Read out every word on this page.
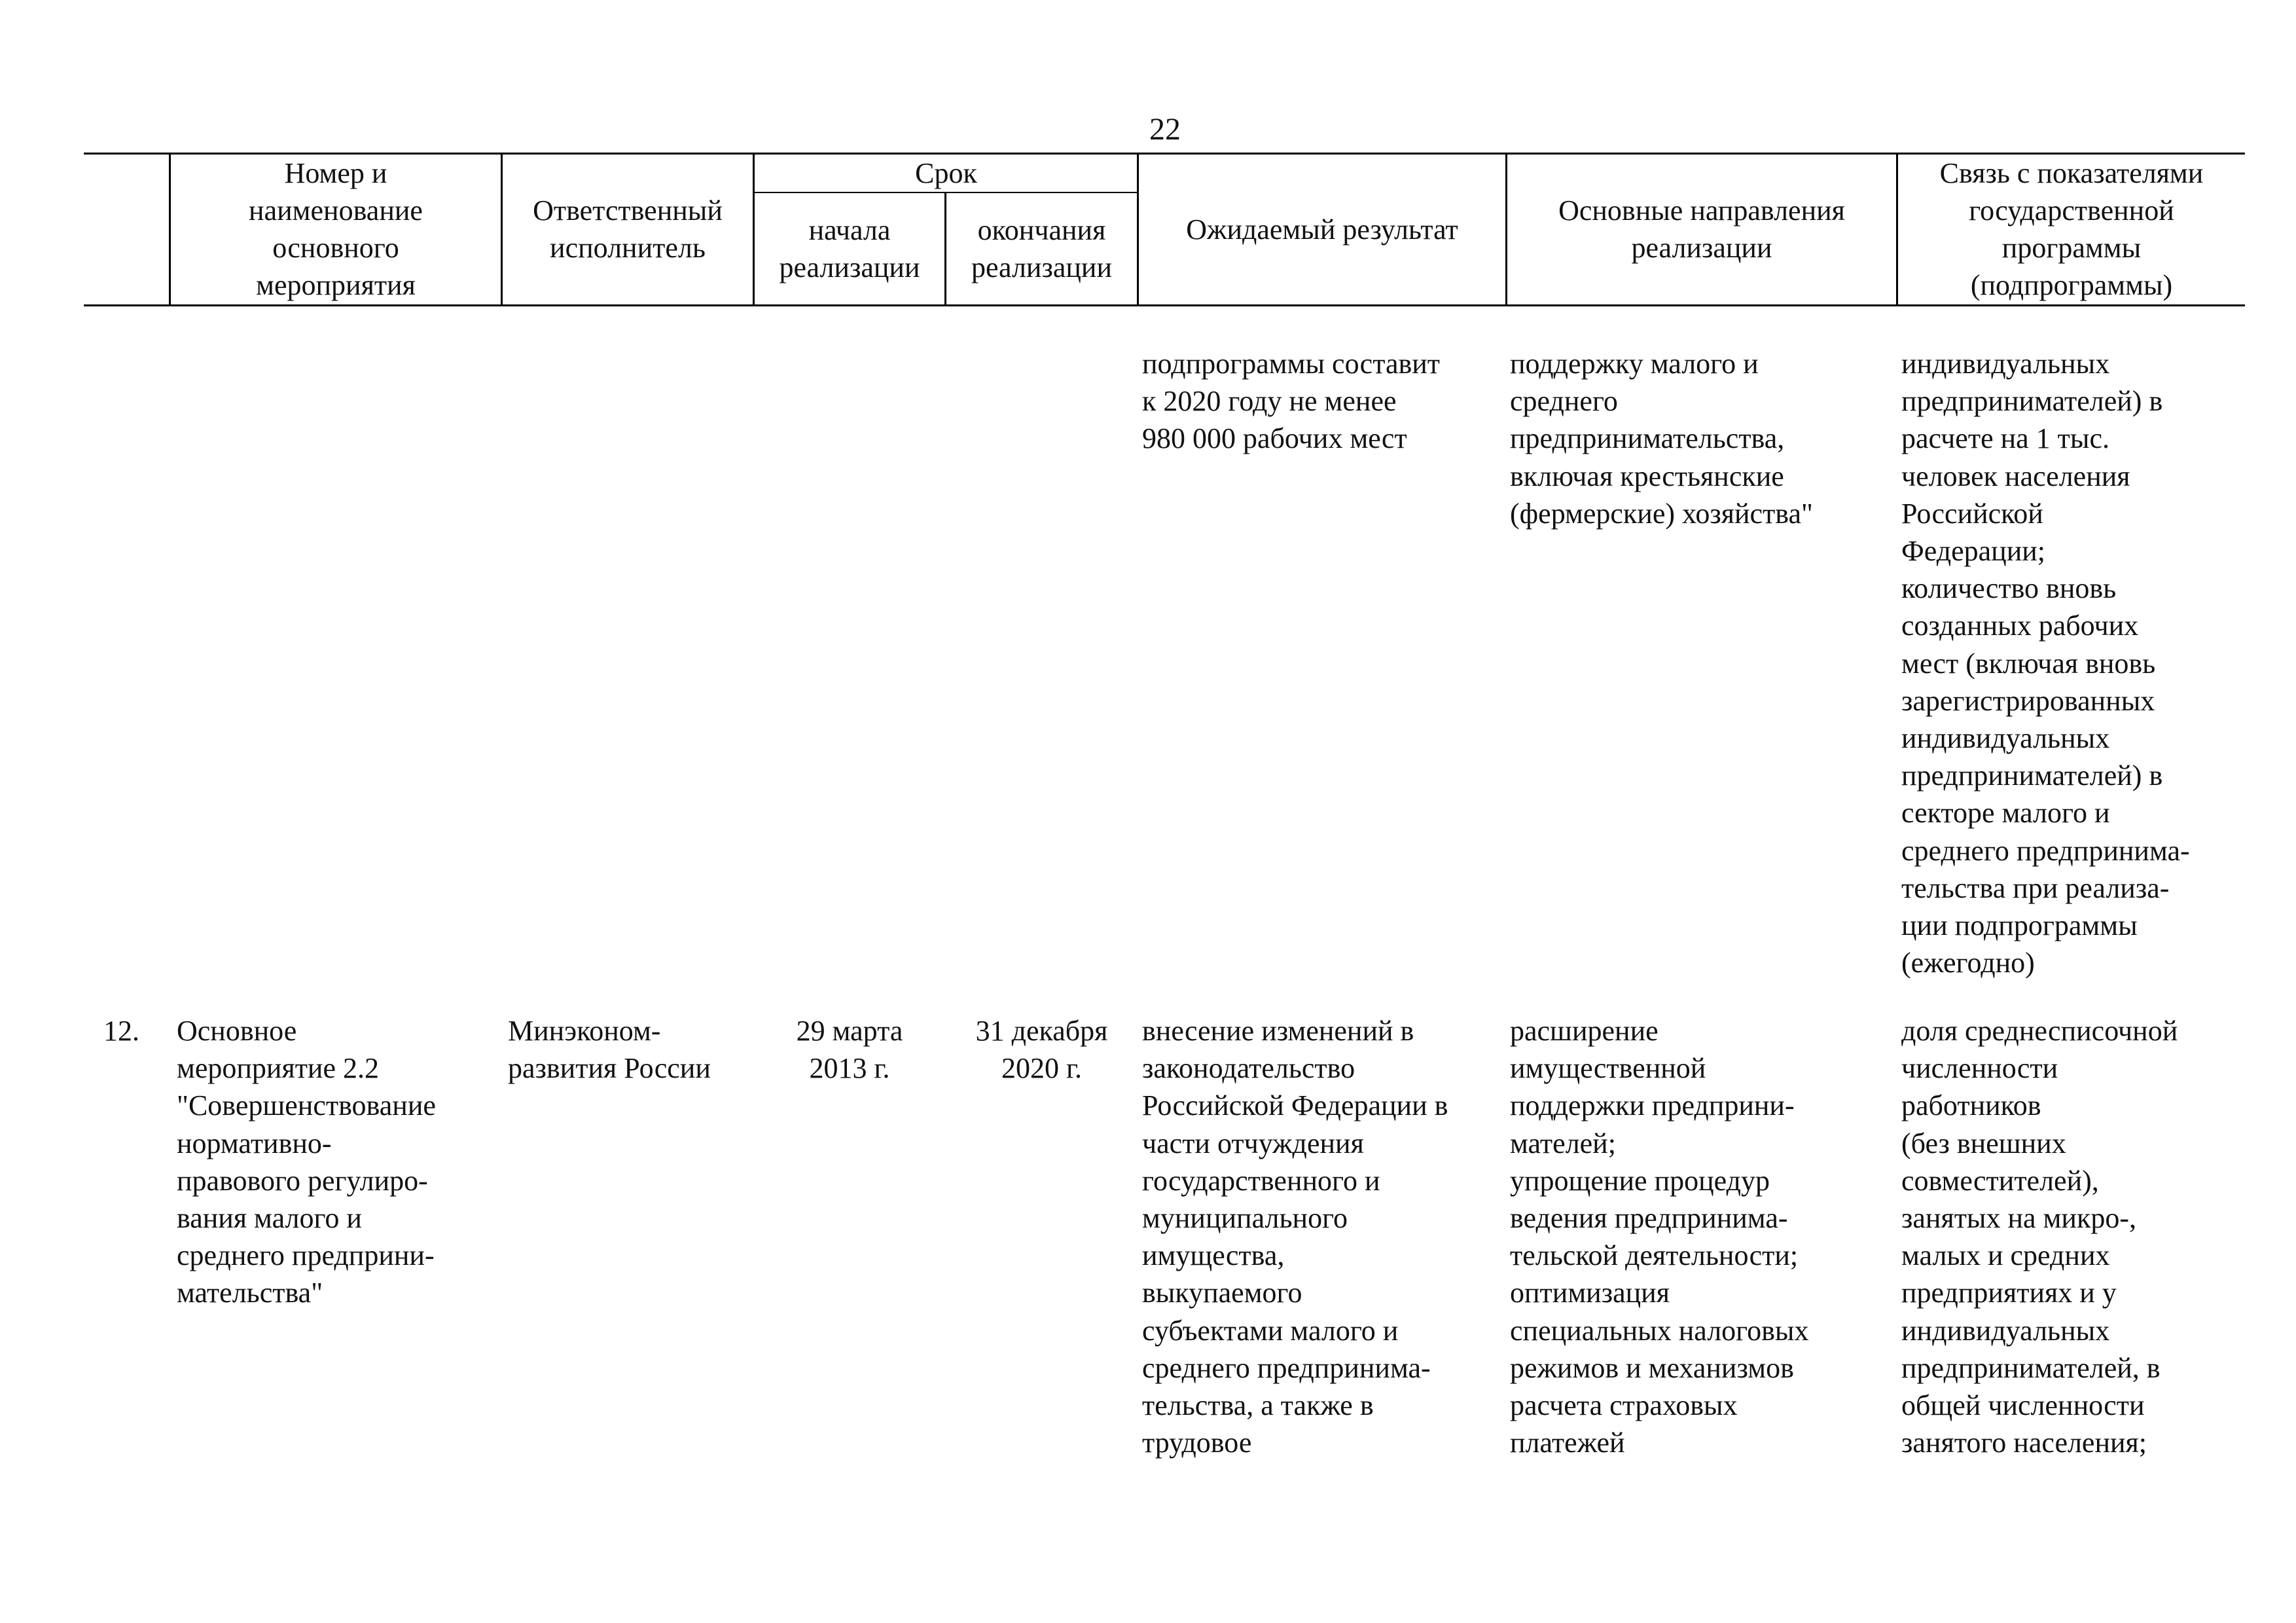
22
Номер и
наименование
основного
мероприятия
Ответственный
исполнитель
Срок
начала
реализации
окончания
реализации
Ожидаемый результат
Основные направления
реализации
Связь с показателями
государственной
программы
(подпрограммы)
подпрограммы составит
к 2020 году не менее
980 000 рабочих мест
поддержку малого и
среднего
предпринимательства,
включая крестьянские
(фермерские) хозяйства"
индивидуальных
предпринимателей) в
расчете на 1 тыс.
человек населения
Российской
Федерации;
количество вновь
созданных рабочих
мест (включая вновь
зарегистрированных
индивидуальных
предпринимателей) в
секторе малого и
среднего предпринима-
тельства при реализа-
ции подпрограммы
(ежегодно)
12.	Основное
мероприятие 2.2
"Совершенствование
нормативно-
правового регулиро-
вания малого и
среднего предприни-
мательства"
Минэконом-
развития России
29 марта
2013 г.
31 декабря
2020 г.
внесение изменений в
законодательство
Российской Федерации в
части отчуждения
государственного и
муниципального
имущества,
выкупаемого
субъектами малого и
среднего предпринима-
тельства, а также в
трудовое
расширение
имущественной
поддержки предприни-
мателей;
упрощение процедур
ведения предпринима-
тельской деятельности;
оптимизация
специальных налоговых
режимов и механизмов
расчета страховых
платежей
доля среднесписочной
численности
работников
(без внешних
совместителей),
занятых на микро-,
малых и средних
предприятиях и у
индивидуальных
предпринимателей, в
общей численности
занятого населения;
